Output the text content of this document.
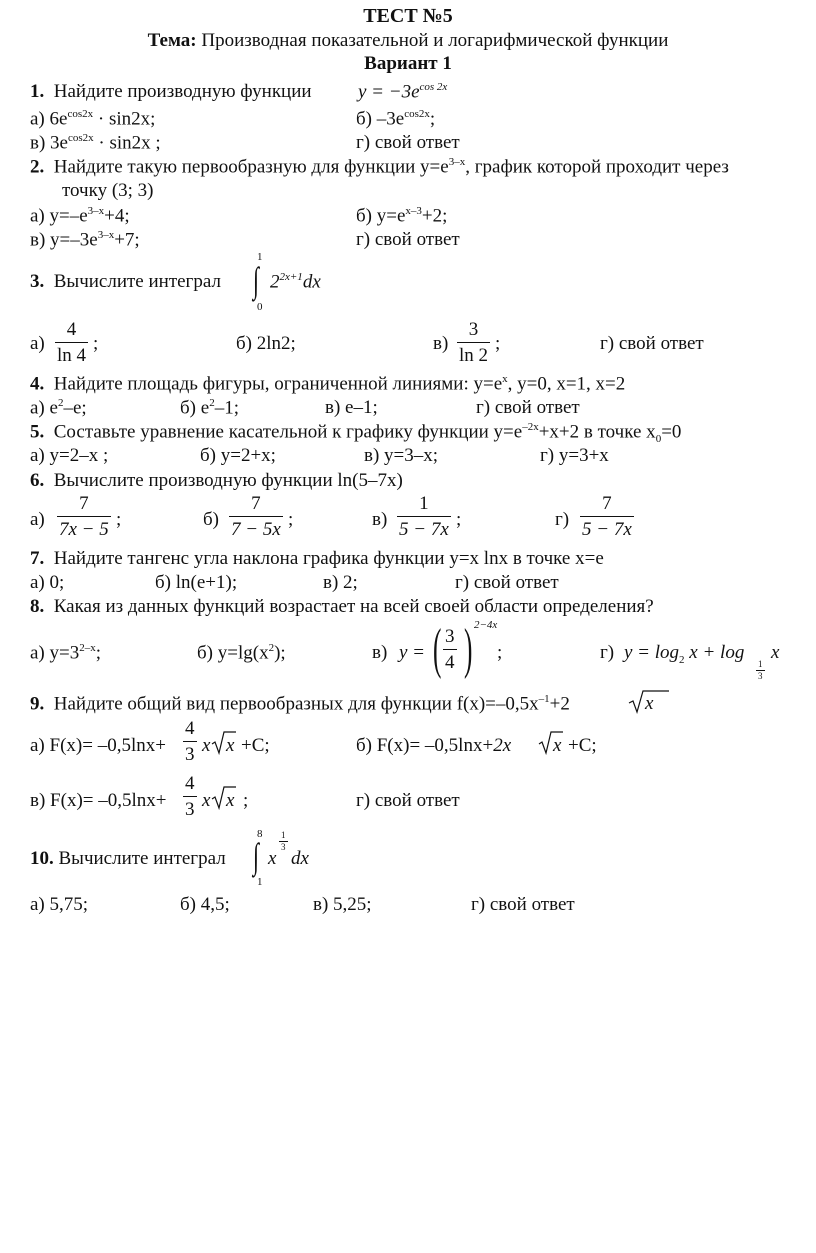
ТЕСТ №5
Тема: Производная показательной и логарифмической функции
Вариант 1
1. Найдите производную функции $y = -3e^{cos 2x}$
а) $6e^{cos2x} \cdot \sin 2x$;	б) $-3e^{cos2x}$;
в) $3e^{cos2x} \cdot \sin 2x$ ;	г) свой ответ
2. Найдите такую первообразную для функции $y=e^{3-x}$, график которой проходит через
точку (3; 3)
а) $y=-e^{3-x}+4$;	б) $y=e^{x-3}+2$;
в) $y=-3e^{3-x}+7$;	г) свой ответ
3. Вычислите интеграл
1
∫
0
$2^{2x+1}dx$
а)
4
ln 4
;	б) 2ln2;	в)
3
ln 2
;	г) свой ответ
4. Найдите площадь фигуры, ограниченной линиями: $y=e^x$, y=0, x=1, x=2
а) $e^2-e$;	б) $e^2-1$;	в) e–1;	г) свой ответ
5. Составьте уравнение касательной к графику функции $y=e^{-2x}+x+2$ в точке $x_0=0$
а) y=2–x ;	б) y=2+x;	в) y=3–x;	г) y=3+x
6. Вычислите производную функции ln(5–7x)
а)
7
7x − 5 ;	б)
7
7 − 5x ;	в)
1
5 − 7x ;	г)
7
5 − 7x
7. Найдите тангенс угла наклона графика функции y=x lnx в точке x=e
а) 0;	б) ln(e+1);	в) 2;	г) свой ответ
8. Какая из данных функций возрастает на всей своей области определения?
а) $y=3^{2-x}$;	б) $y=\lg(x^2)$;	в) y = ( 3
4 ) 2−4x
;	г) $y = \log_2 x + \log$
1
3
x
9. Найдите общий вид первообразных для функции $f(x)=-0,5x^{-1}+2$	x
а) F(x)= –0,5lnx+
4
3 x x +C;	б) F(x)= –0,5lnx+2x x +C;
в) F(x)= –0,5lnx+
4
3 x x ;	г) свой ответ
10. Вычислите интеграл
8
∫
1
x
1
3
dx
а) 5,75;	б) 4,5;	в) 5,25;	г) свой ответ
